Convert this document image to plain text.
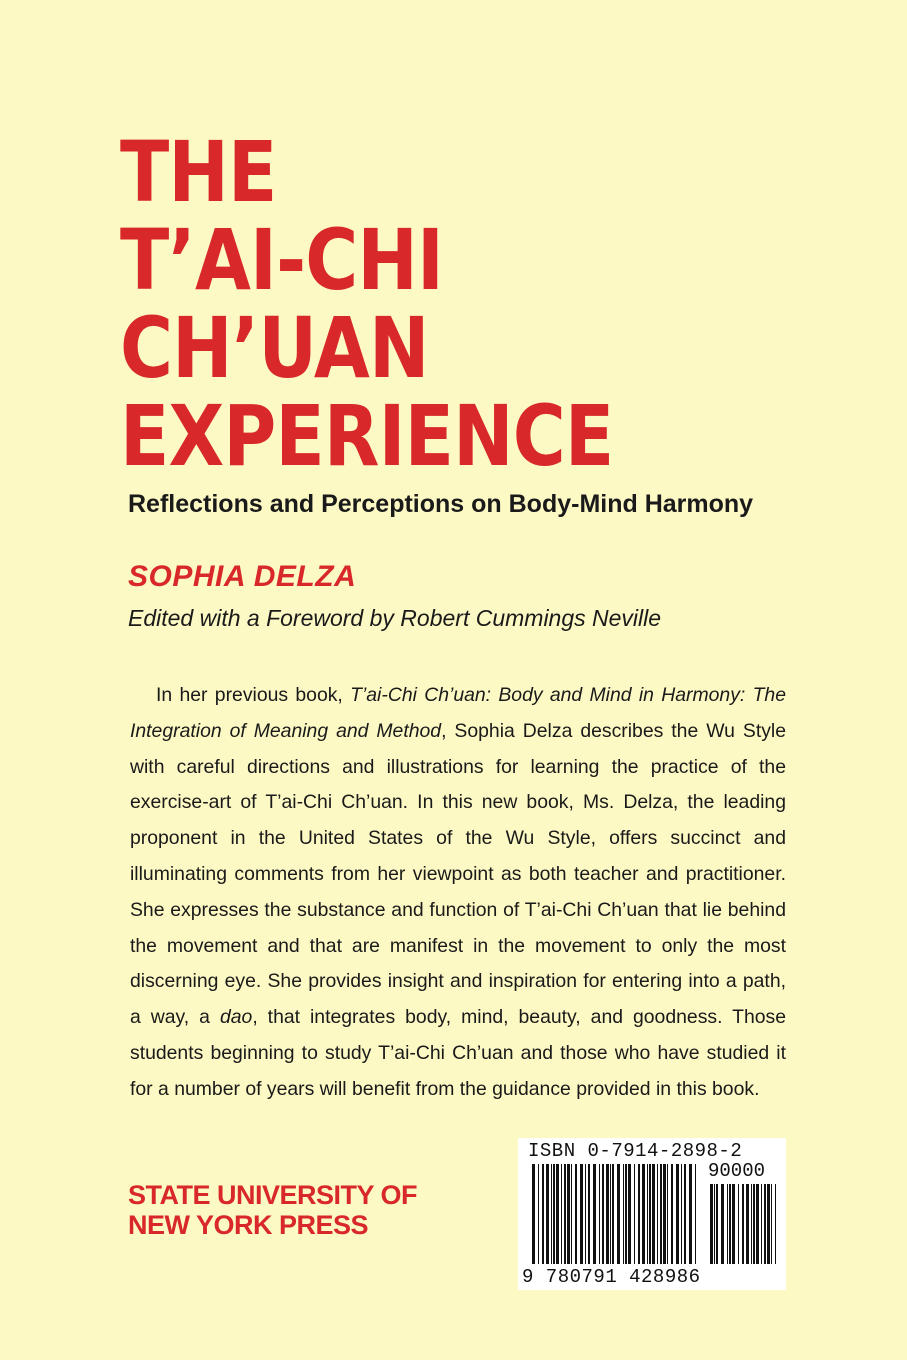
THE
T’AI-CHI
CH’UAN
EXPERIENCE

Reflections and Perceptions on Body-Mind Harmony

SOPHIA DELZA

Edited with a Foreword by Robert Cummings Neville

In her previous book, T’ai-Chi Ch’uan: Body and Mind in Harmony: The Integration of Meaning and Method, Sophia Delza describes the Wu Style with careful directions and illustrations for learning the practice of the exercise-art of T’ai-Chi Ch’uan. In this new book, Ms. Delza, the leading proponent in the United States of the Wu Style, offers succinct and illuminating comments from her viewpoint as both teacher and practitioner. She expresses the substance and function of T’ai-Chi Ch’uan that lie behind the movement and that are manifest in the movement to only the most discerning eye. She provides insight and inspiration for entering into a path, a way, a dao, that integrates body, mind, beauty, and goodness. Those students beginning to study T’ai-Chi Ch’uan and those who have studied it for a number of years will benefit from the guidance provided in this book.

STATE UNIVERSITY OF
NEW YORK PRESS
ISBN 0-7914-2898-2
90000
9 780791 428986
